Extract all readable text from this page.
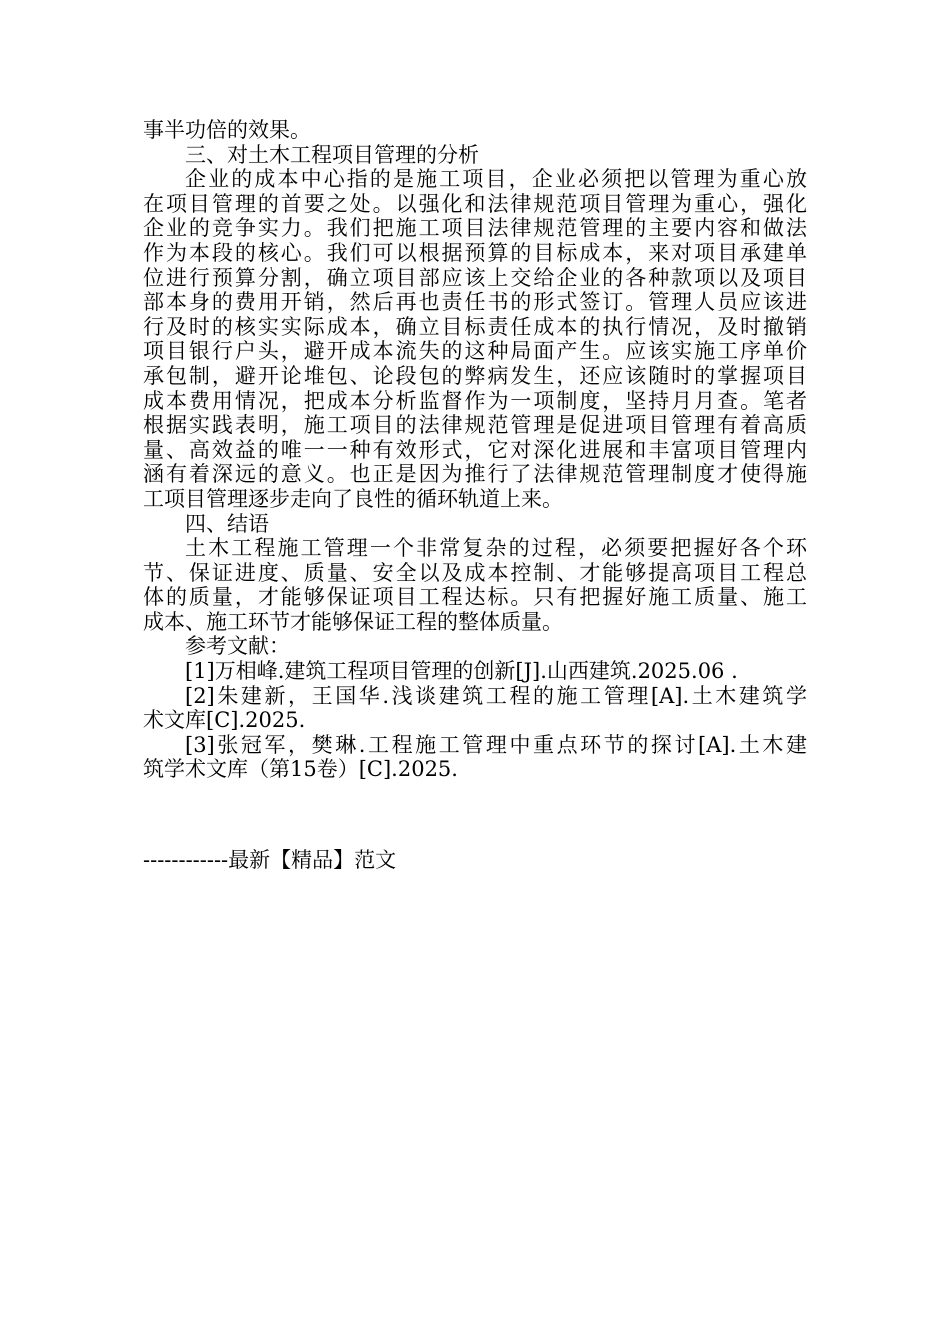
事半功倍的效果。
三、对土木工程项目管理的分析
企业的成本中心指的是施工项目，企业必须把以管理为重心放
在项目管理的首要之处。以强化和法律规范项目管理为重心，强化
企业的竞争实力。我们把施工项目法律规范管理的主要内容和做法
作为本段的核心。我们可以根据预算的目标成本，来对项目承建单
位进行预算分割，确立项目部应该上交给企业的各种款项以及项目
部本身的费用开销，然后再也责任书的形式签订。管理人员应该进
行及时的核实实际成本，确立目标责任成本的执行情况，及时撤销
项目银行户头，避开成本流失的这种局面产生。应该实施工序单价
承包制，避开论堆包、论段包的弊病发生，还应该随时的掌握项目
成本费用情况，把成本分析监督作为一项制度，坚持月月查。笔者
根据实践表明，施工项目的法律规范管理是促进项目管理有着高质
量、高效益的唯一一种有效形式，它对深化进展和丰富项目管理内
涵有着深远的意义。也正是因为推行了法律规范管理制度才使得施
工项目管理逐步走向了良性的循环轨道上来。
四、结语
土木工程施工管理一个非常复杂的过程，必须要把握好各个环
节、保证进度、质量、安全以及成本控制、才能够提高项目工程总
体的质量，才能够保证项目工程达标。只有把握好施工质量、施工
成本、施工环节才能够保证工程的整体质量。
参考文献：
[1]万相峰.建筑工程项目管理的创新[J].山西建筑.2025.06 .
[2]朱建新，王国华.浅谈建筑工程的施工管理[A].土木建筑学
术文库[C].2025.
[3]张冠军，樊琳.工程施工管理中重点环节的探讨[A].土木建
筑学术文库（第15卷）[C].2025.
------------最新【精品】范文
